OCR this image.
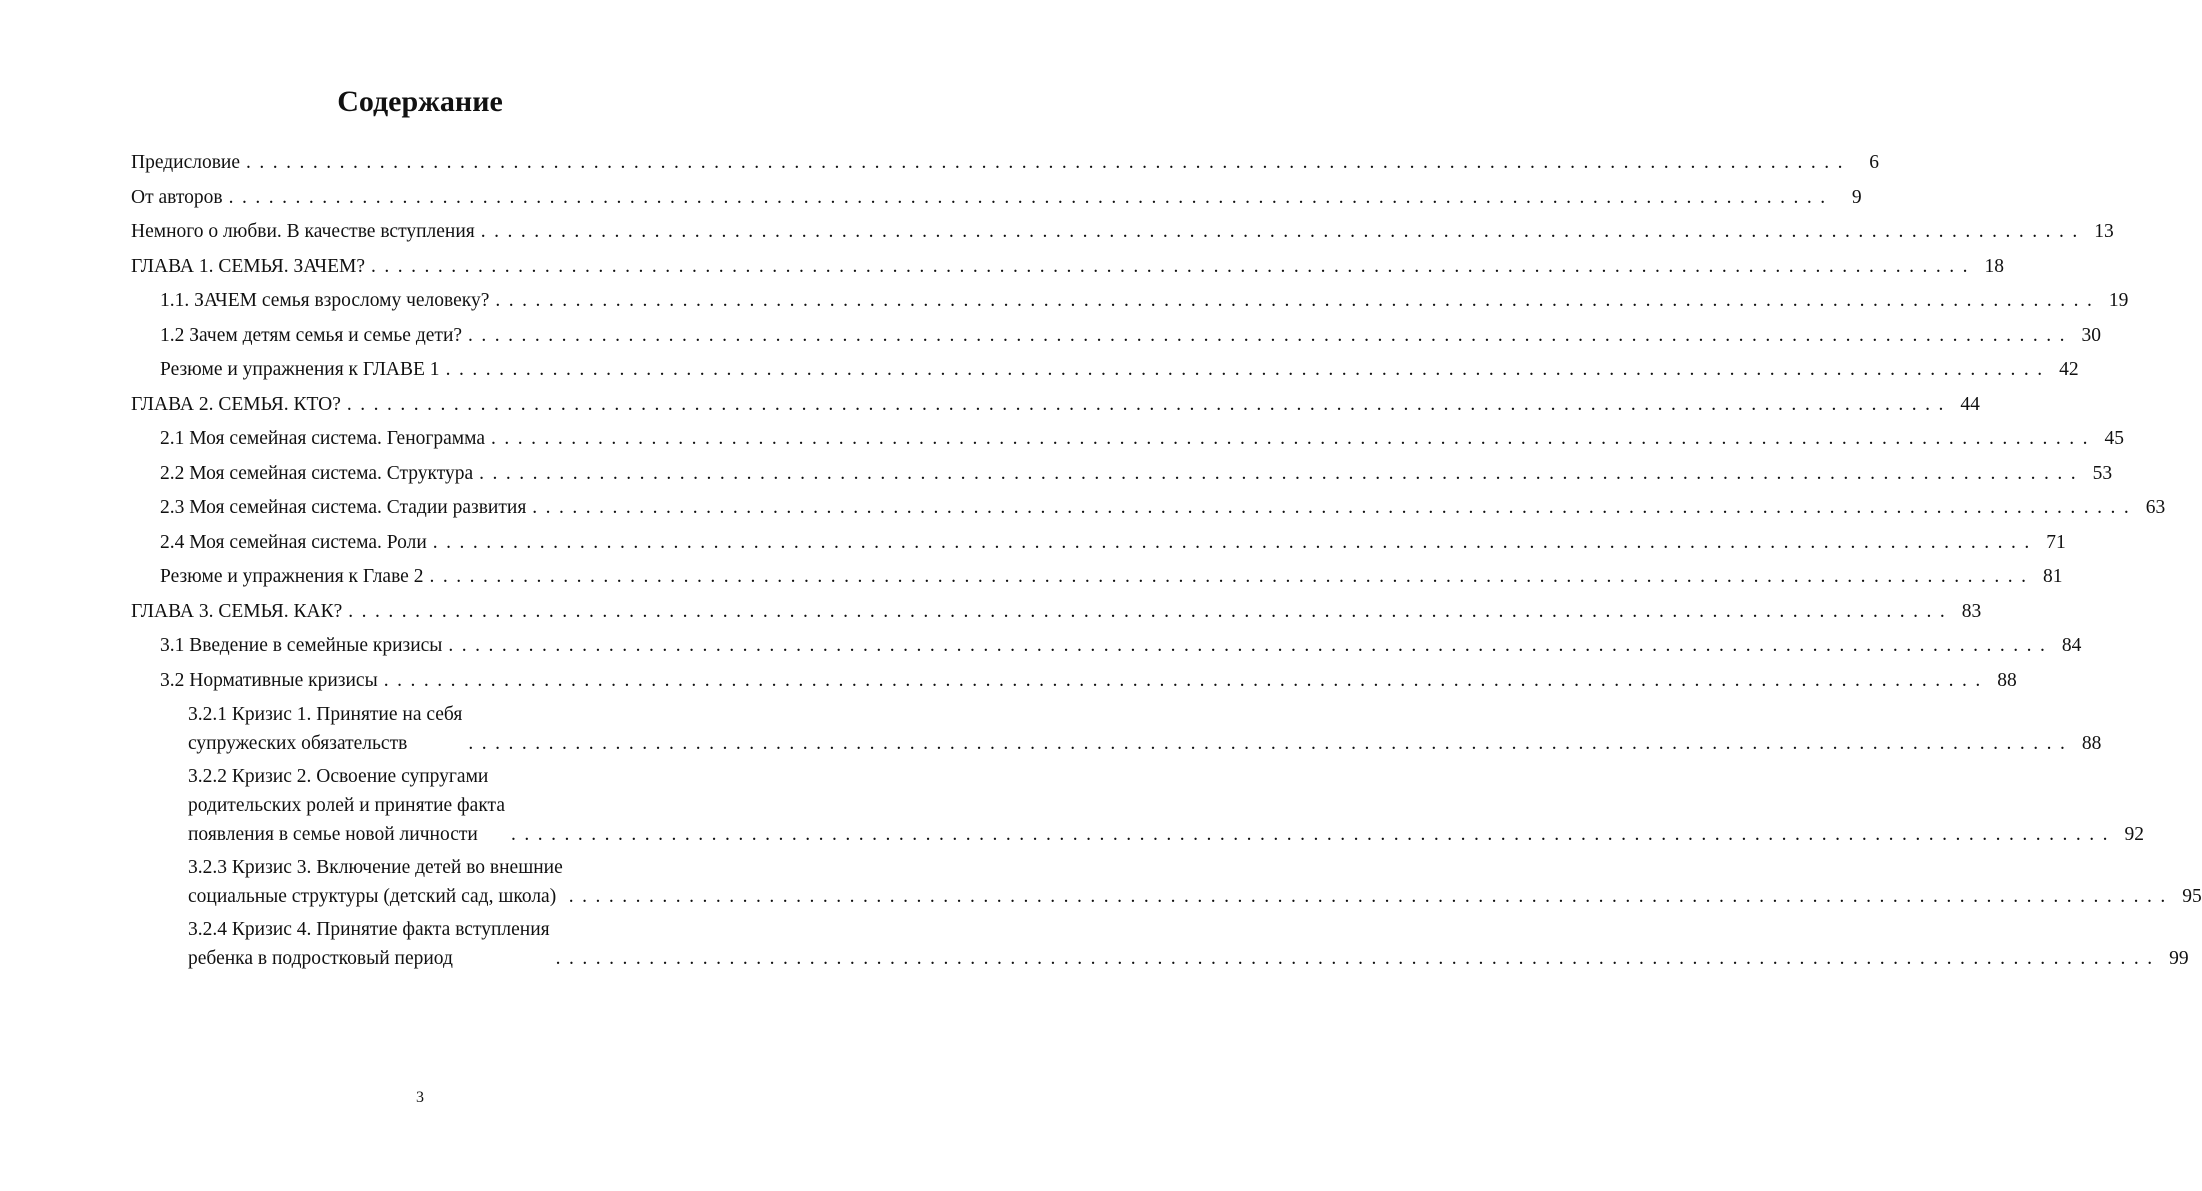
Содержание
Предисловие ........................................................................................................................ 6
От авторов ........................................................................................................................ 9
Немного о любви. В качестве вступления ........................................................................................................................ 13
ГЛАВА 1. СЕМЬЯ. ЗАЧЕМ? ........................................................................................................................ 18
1.1. ЗАЧЕМ семья взрослому человеку? ........................................................................................................................ 19
1.2 Зачем детям семья и семье дети? ........................................................................................................................ 30
Резюме и упражнения к ГЛАВЕ 1 ........................................................................................................................ 42
ГЛАВА 2. СЕМЬЯ. КТО? ........................................................................................................................ 44
2.1 Моя семейная система. Генограмма ........................................................................................................................ 45
2.2 Моя семейная система. Структура ........................................................................................................................ 53
2.3 Моя семейная система. Стадии развития ........................................................................................................................ 63
2.4 Моя семейная система. Роли ........................................................................................................................ 71
Резюме и упражнения к Главе 2 ........................................................................................................................ 81
ГЛАВА 3. СЕМЬЯ. КАК? ........................................................................................................................ 83
3.1 Введение в семейные кризисы ........................................................................................................................ 84
3.2 Нормативные кризисы ........................................................................................................................ 88
3.2.1 Кризис 1. Принятие на себя
супружеских обязательств	........................................................................................................................ 88
3.2.2 Кризис 2. Освоение супругами
родительских ролей и принятие факта
появления в семье новой личности	........................................................................................................................ 92
3.2.3 Кризис 3. Включение детей во внешние
социальные структуры (детский сад, школа) ........................................................................................................................ 95
3.2.4 Кризис 4. Принятие факта вступления
ребенка в подростковый период	........................................................................................................................ 99
3
